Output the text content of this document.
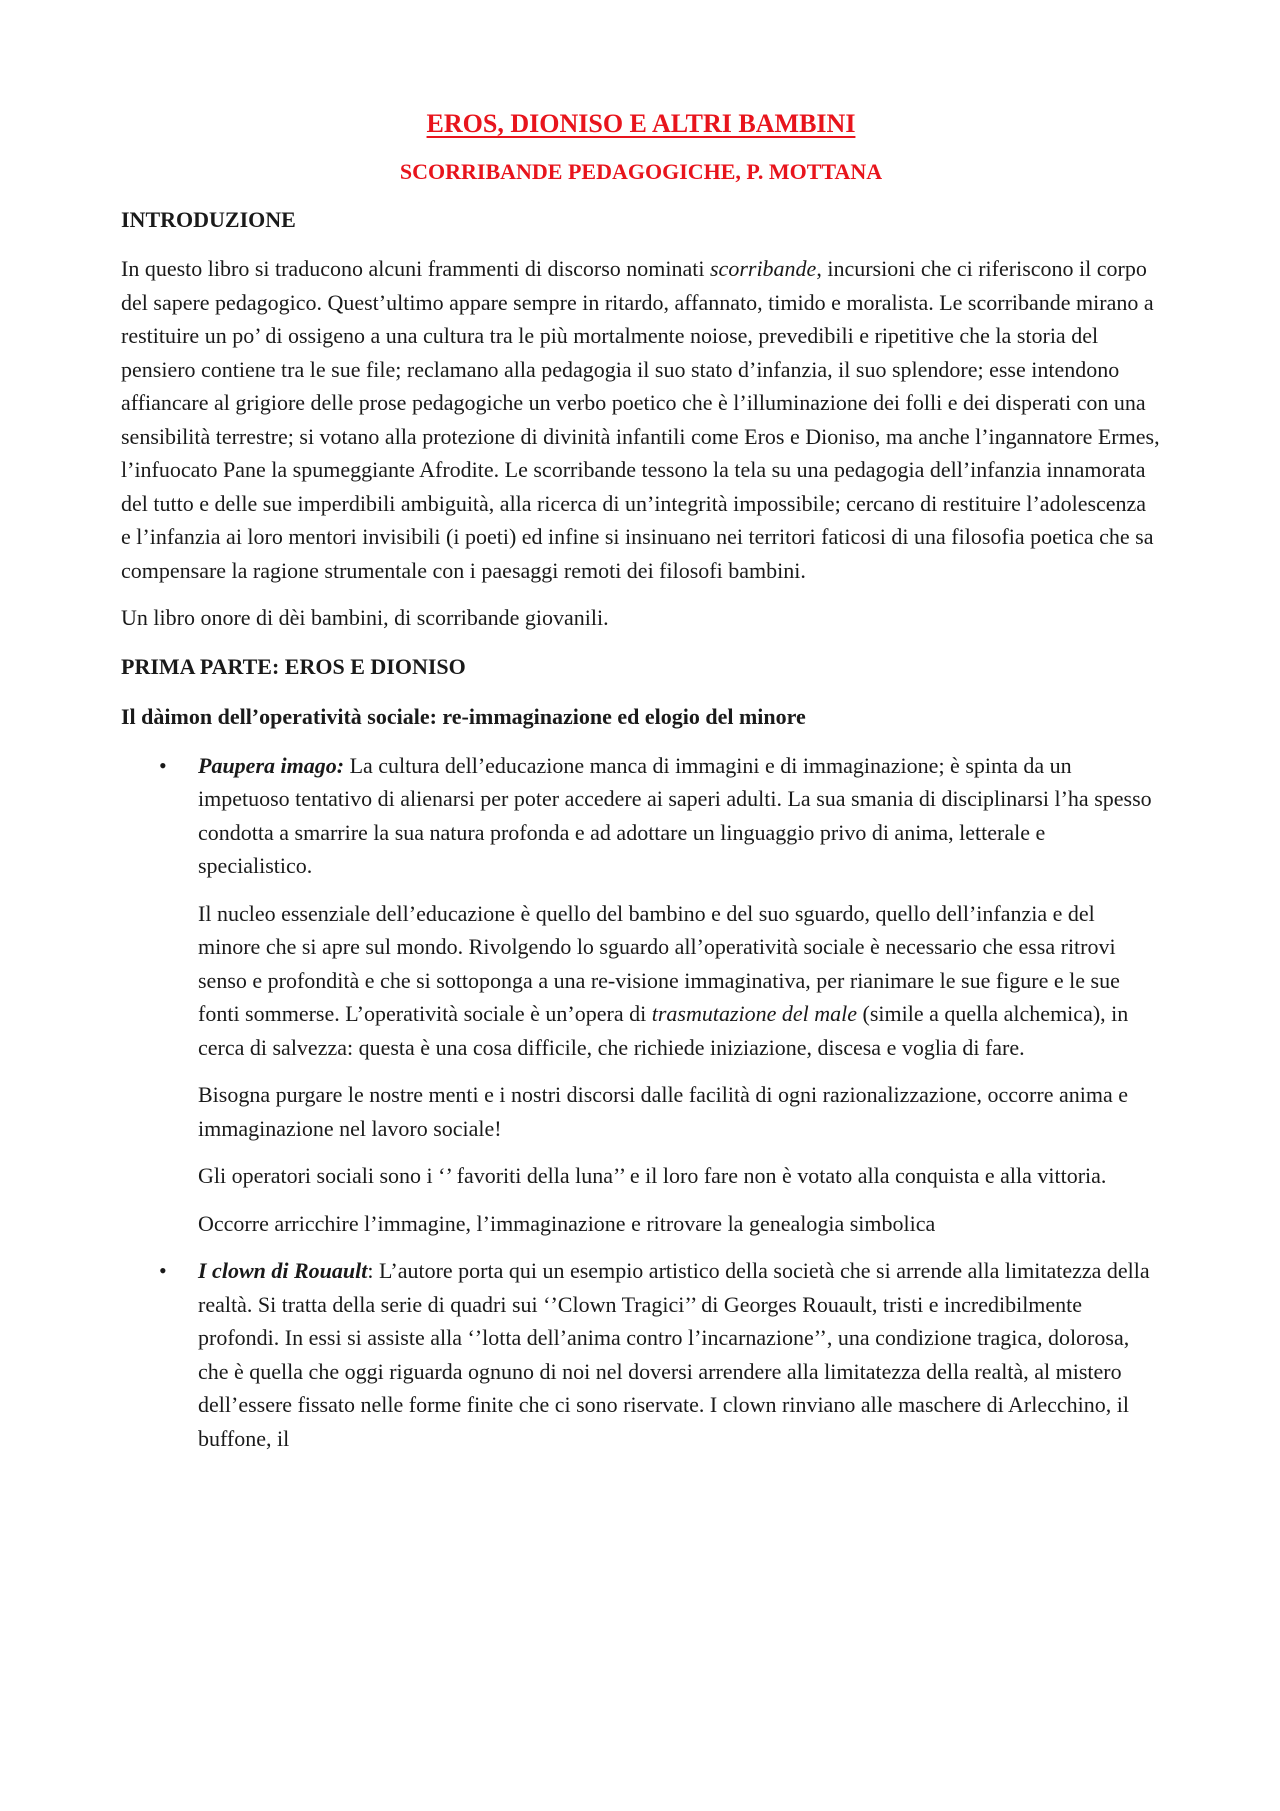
EROS, DIONISO E ALTRI BAMBINI
SCORRIBANDE PEDAGOGICHE, P. MOTTANA
INTRODUZIONE

In questo libro si traducono alcuni frammenti di discorso nominati scorribande, incursioni che ci riferiscono il corpo del sapere pedagogico. Quest’ultimo appare sempre in ritardo, affannato, timido e moralista. Le scorribande mirano a restituire un po’ di ossigeno a una cultura tra le più mortalmente noiose, prevedibili e ripetitive che la storia del pensiero contiene tra le sue file; reclamano alla pedagogia il suo stato d’infanzia, il suo splendore; esse intendono affiancare al grigiore delle prose pedagogiche un verbo poetico che è l’illuminazione dei folli e dei disperati con una sensibilità terrestre; si votano alla protezione di divinità infantili come Eros e Dioniso, ma anche l’ingannatore Ermes, l’infuocato Pane la spumeggiante Afrodite. Le scorribande tessono la tela su una pedagogia dell’infanzia innamorata del tutto e delle sue imperdibili ambiguità, alla ricerca di un’integrità impossibile; cercano di restituire l’adolescenza e l’infanzia ai loro mentori invisibili (i poeti) ed infine si insinuano nei territori faticosi di una filosofia poetica che sa compensare la ragione strumentale con i paesaggi remoti dei filosofi bambini.

Un libro onore di dèi bambini, di scorribande giovanili.

PRIMA PARTE: EROS E DIONISO
Il dàimon dell’operatività sociale: re-immaginazione ed elogio del minore
• Paupera imago: La cultura dell’educazione manca di immagini e di immaginazione; è spinta da un impetuoso tentativo di alienarsi per poter accedere ai saperi adulti. La sua smania di disciplinarsi l’ha spesso condotta a smarrire la sua natura profonda e ad adottare un linguaggio privo di anima, letterale e specialistico.

Il nucleo essenziale dell’educazione è quello del bambino e del suo sguardo, quello dell’infanzia e del minore che si apre sul mondo. Rivolgendo lo sguardo all’operatività sociale è necessario che essa ritrovi senso e profondità e che si sottoponga a una re-visione immaginativa, per rianimare le sue figure e le sue fonti sommerse. L’operatività sociale è un’opera di trasmutazione del male (simile a quella alchemica), in cerca di salvezza: questa è una cosa difficile, che richiede iniziazione, discesa e voglia di fare.

Bisogna purgare le nostre menti e i nostri discorsi dalle facilità di ogni razionalizzazione, occorre anima e immaginazione nel lavoro sociale!

Gli operatori sociali sono i ‘’ favoriti della luna’’ e il loro fare non è votato alla conquista e alla vittoria.

Occorre arricchire l’immagine, l’immaginazione e ritrovare la genealogia simbolica

• I clown di Rouault: L’autore porta qui un esempio artistico della società che si arrende alla limitatezza della realtà. Si tratta della serie di quadri sui ‘’Clown Tragici’’ di Georges Rouault, tristi e incredibilmente profondi. In essi si assiste alla ‘’lotta dell’anima contro l’incarnazione’’, una condizione tragica, dolorosa, che è quella che oggi riguarda ognuno di noi nel doversi arrendere alla limitatezza della realtà, al mistero dell’essere fissato nelle forme finite che ci sono riservate. I clown rinviano alle maschere di Arlecchino, il buffone, il
